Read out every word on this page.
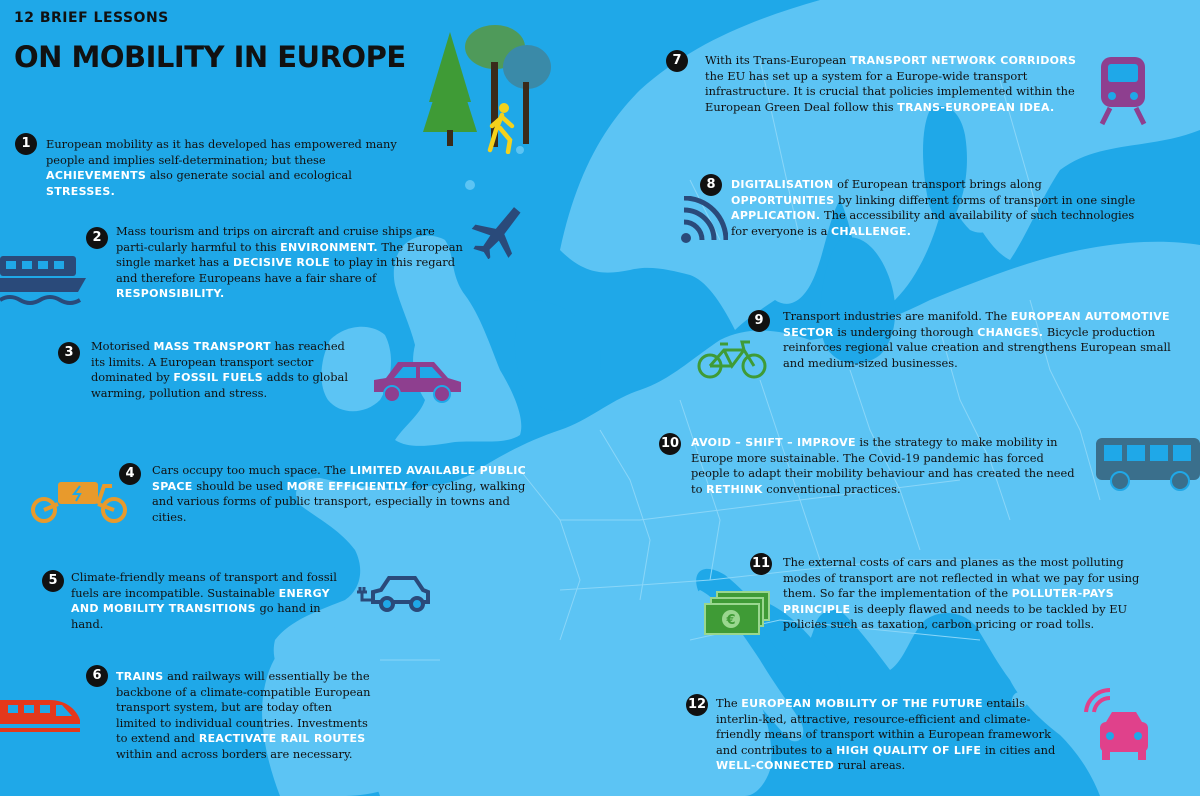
12 BRIEF LESSONS
ON MOBILITY IN EUROPE
1	European mobility as it has developed has empowered many people and implies self-determination; but these ACHIEVEMENTS also generate social and ecological STRESSES.
2	Mass tourism and trips on aircraft and cruise ships are parti-cularly harmful to this ENVIRONMENT. The European single market has a DECISIVE ROLE to play in this regard and therefore Europeans have a fair share of RESPONSIBILITY.
3	Motorised MASS TRANSPORT has reached its limits. A European transport sector dominated by FOSSIL FUELS adds to global warming, pollution and stress.
4	Cars occupy too much space. The LIMITED AVAILABLE PUBLIC SPACE should be used MORE EFFICIENTLY for cycling, walking and various forms of public transport, especially in towns and cities.
5	Climate-friendly means of transport and fossil fuels are incompatible. Sustainable ENERGY AND MOBILITY TRANSITIONS go hand in hand.
6	TRAINS and railways will essentially be the backbone of a climate-compatible European transport system, but are today often limited to individual countries. Investments to extend and REACTIVATE RAIL ROUTES within and across borders are necessary.
7	With its Trans-European TRANSPORT NETWORK CORRIDORS the EU has set up a system for a Europe-wide transport infrastructure. It is crucial that policies implemented within the European Green Deal follow this TRANS-EUROPEAN IDEA.
8	DIGITALISATION of European transport brings along OPPORTUNITIES by linking different forms of transport in one single APPLICATION. The accessibility and availability of such technologies for everyone is a CHALLENGE.
9	Transport industries are manifold. The EUROPEAN AUTOMOTIVE SECTOR is undergoing thorough CHANGES. Bicycle production reinforces regional value creation and strengthens European small and medium-sized businesses.
10 AVOID – SHIFT – IMPROVE is the strategy to make mobility in Europe more sustainable. The Covid-19 pandemic has forced people to adapt their mobility behaviour and has created the need to RETHINK conventional practices.
11 The external costs of cars and planes as the most polluting modes of transport are not reflected in what we pay for using them. So far the implementation of the POLLUTER-PAYS PRINCIPLE is deeply flawed and needs to be tackled by EU policies such as taxation, carbon pricing or road tolls.
12 The EUROPEAN MOBILITY OF THE FUTURE entails interlin-ked, attractive, resource-efficient and climate-friendly means of transport within a European framework and contributes to a HIGH QUALITY OF LIFE in cities and WELL-CONNECTED rural areas.
€
